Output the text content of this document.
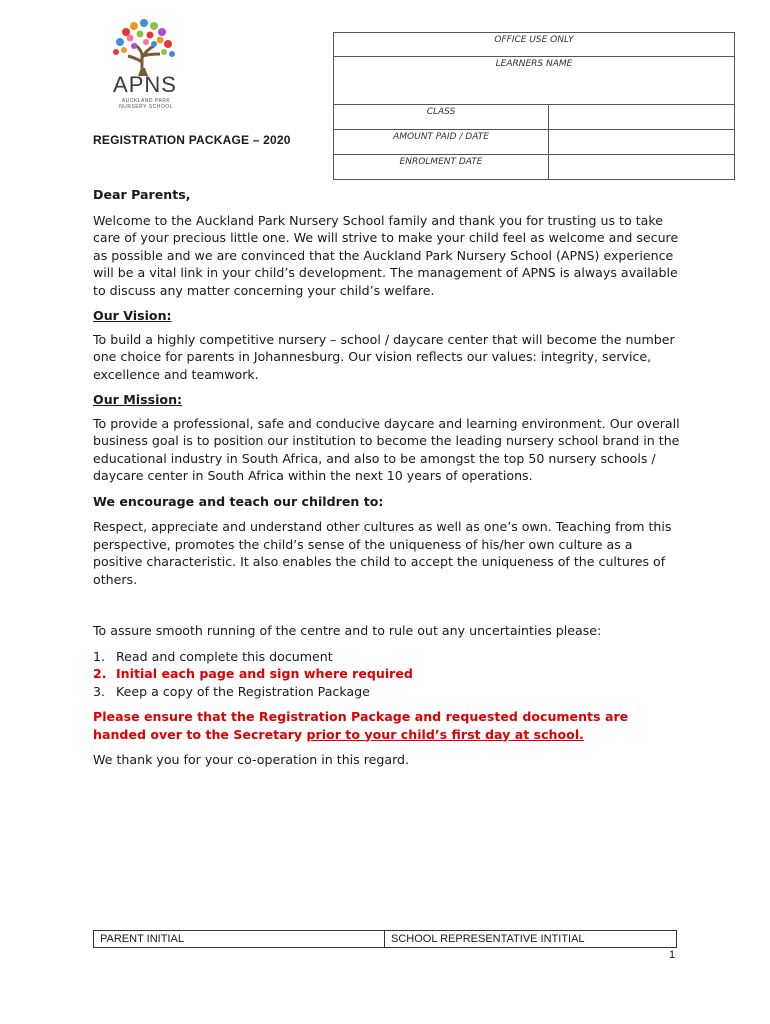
APNS
AUCKLAND PARK NURSERY SCHOOL
OFFICE USE ONLY	
LEARNERS NAME	
CLASS	
AMOUNT PAID / DATE	
ENROLMENT DATE	
REGISTRATION PACKAGE – 2020

Dear Parents,

Welcome to the Auckland Park Nursery School family and thank you for trusting us to take care of your precious little one. We will strive to make your child feel as welcome and secure as possible and we are convinced that the Auckland Park Nursery School (APNS) experience will be a vital link in your child’s development. The management of APNS is always available to discuss any matter concerning your child’s welfare.

Our Vision:

To build a highly competitive nursery – school / daycare center that will become the number one choice for parents in Johannesburg. Our vision reflects our values: integrity, service, excellence and teamwork.

Our Mission:

To provide a professional, safe and conducive daycare and learning environment. Our overall business goal is to position our institution to become the leading nursery school brand in the educational industry in South Africa, and also to be amongst the top 50 nursery schools / daycare center in South Africa within the next 10 years of operations.

We encourage and teach our children to:

Respect, appreciate and understand other cultures as well as one’s own. Teaching from this perspective, promotes the child’s sense of the uniqueness of his/her own culture as a positive characteristic. It also enables the child to accept the uniqueness of the cultures of others.

To assure smooth running of the centre and to rule out any uncertainties please:

1. Read and complete this document
2. Initial each page and sign where required
3. Keep a copy of the Registration Package

Please ensure that the Registration Package and requested documents are handed over to the Secretary prior to your child’s first day at school.

We thank you for your co-operation in this regard.

PARENT INITIAL	SCHOOL REPRESENTATIVE INTITIAL
1
